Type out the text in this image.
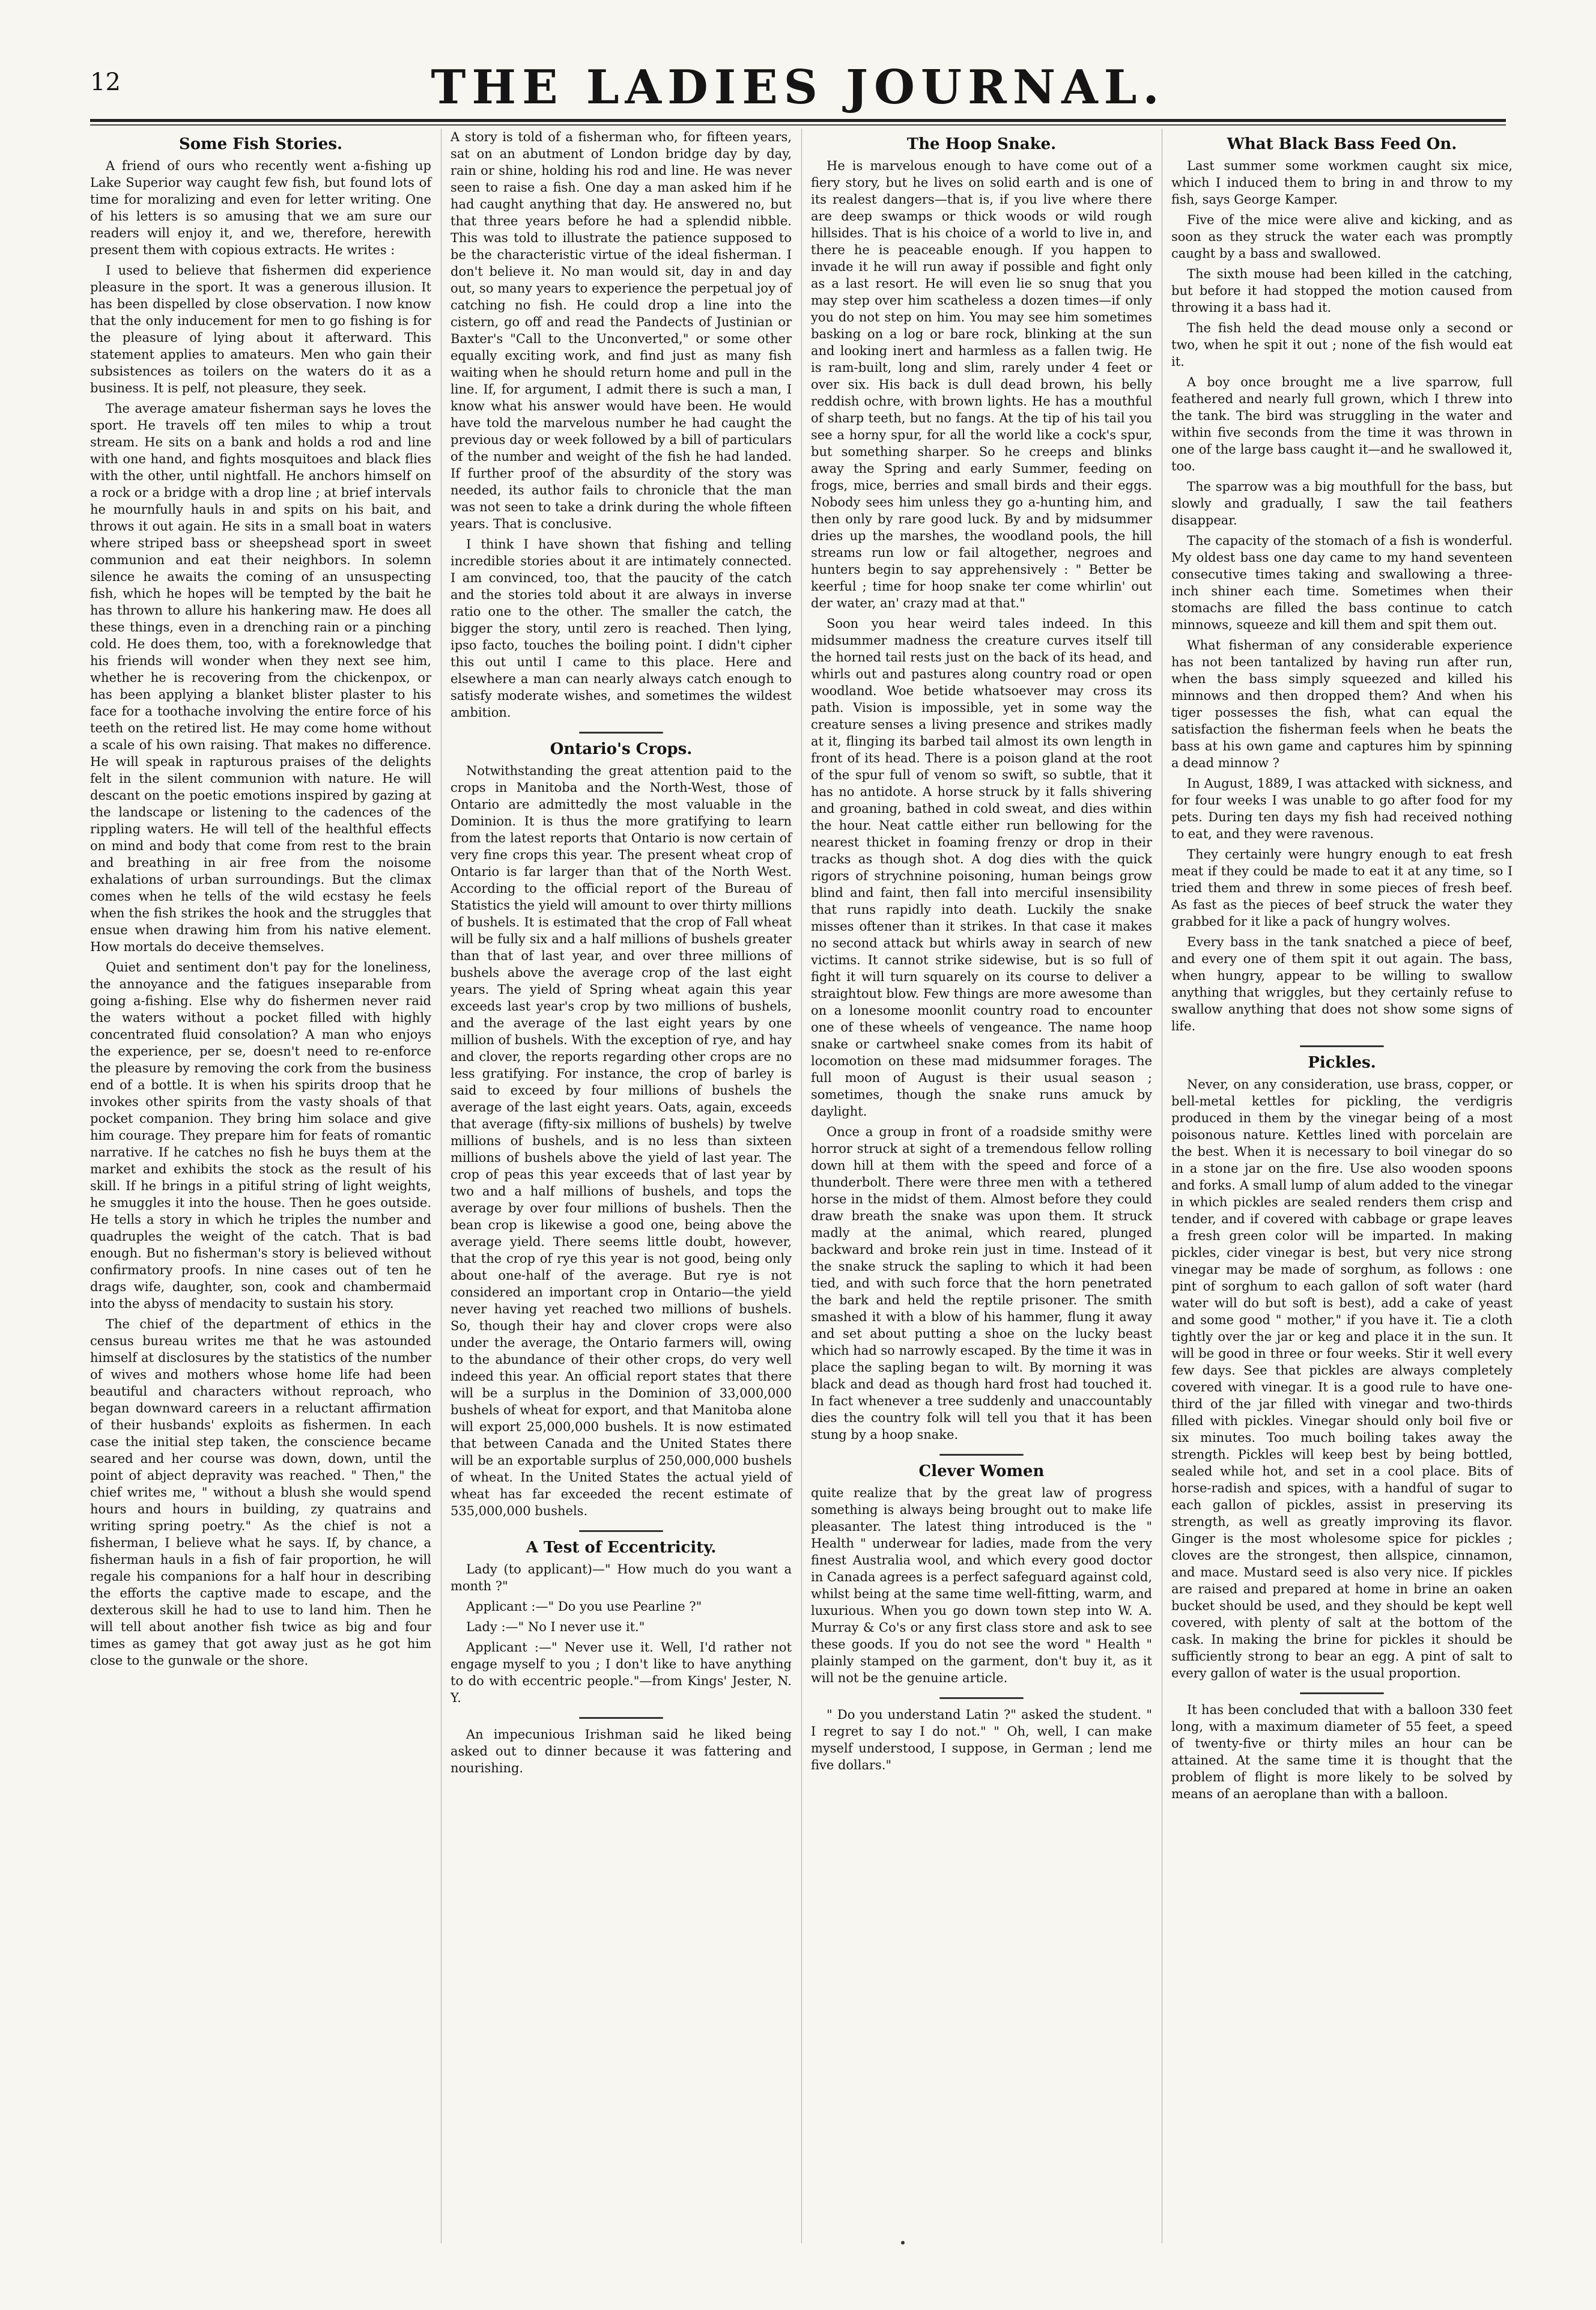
12	THE LADIES JOURNAL.
Some Fish Stories.

A friend of ours who recently went a-fishing up Lake Superior way caught few fish, but found lots of time for moralizing and even for letter writing. One of his letters is so amusing that we am sure our readers will enjoy it, and we, therefore, herewith present them with copious extracts. He writes :

I used to believe that fishermen did experience pleasure in the sport. It was a generous illusion. It has been dispelled by close observation. I now know that the only inducement for men to go fishing is for the pleasure of lying about it afterward. This statement applies to amateurs. Men who gain their subsistences as toilers on the waters do it as a business. It is pelf, not pleasure, they seek.

The average amateur fisherman says he loves the sport. He travels off ten miles to whip a trout stream. He sits on a bank and holds a rod and line with one hand, and fights mosquitoes and black flies with the other, until nightfall. He anchors himself on a rock or a bridge with a drop line ; at brief intervals he mournfully hauls in and spits on his bait, and throws it out again. He sits in a small boat in waters where striped bass or sheepshead sport in sweet communion and eat their neighbors. In solemn silence he awaits the coming of an unsuspecting fish, which he hopes will be tempted by the bait he has thrown to allure his hankering maw. He does all these things, even in a drenching rain or a pinching cold. He does them, too, with a foreknowledge that his friends will wonder when they next see him, whether he is recovering from the chickenpox, or has been applying a blanket blister plaster to his face for a toothache involving the entire force of his teeth on the retired list. He may come home without a scale of his own raising. That makes no difference. He will speak in rapturous praises of the delights felt in the silent communion with nature. He will descant on the poetic emotions inspired by gazing at the landscape or listening to the cadences of the rippling waters. He will tell of the healthful effects on mind and body that come from rest to the brain and breathing in air free from the noisome exhalations of urban surroundings. But the climax comes when he tells of the wild ecstasy he feels when the fish strikes the hook and the struggles that ensue when drawing him from his native element. How mortals do deceive themselves.

Quiet and sentiment don't pay for the loneliness, the annoyance and the fatigues inseparable from going a-fishing. Else why do fishermen never raid the waters without a pocket filled with highly concentrated fluid consolation? A man who enjoys the experience, per se, doesn't need to re-enforce the pleasure by removing the cork from the business end of a bottle. It is when his spirits droop that he invokes other spirits from the vasty shoals of that pocket companion. They bring him solace and give him courage. They prepare him for feats of romantic narrative. If he catches no fish he buys them at the market and exhibits the stock as the result of his skill. If he brings in a pitiful string of light weights, he smuggles it into the house. Then he goes outside. He tells a story in which he triples the number and quadruples the weight of the catch. That is bad enough. But no fisherman's story is believed without confirmatory proofs. In nine cases out of ten he drags wife, daughter, son, cook and chambermaid into the abyss of mendacity to sustain his story.

The chief of the department of ethics in the census bureau writes me that he was astounded himself at disclosures by the statistics of the number of wives and mothers whose home life had been beautiful and characters without reproach, who began downward careers in a reluctant affirmation of their husbands' exploits as fishermen. In each case the initial step taken, the conscience became seared and her course was down, down, until the point of abject depravity was reached. " Then," the chief writes me, " without a blush she would spend hours and hours in building, zy quatrains and writing spring poetry." As the chief is not a fisherman, I believe what he says. If, by chance, a fisherman hauls in a fish of fair proportion, he will regale his companions for a half hour in describing the efforts the captive made to escape, and the dexterous skill he had to use to land him. Then he will tell about another fish twice as big and four times as gamey that got away just as he got him close to the gunwale or the shore.

A story is told of a fisherman who, for fifteen years, sat on an abutment of London bridge day by day, rain or shine, holding his rod and line. He was never seen to raise a fish. One day a man asked him if he had caught anything that day. He answered no, but that three years before he had a splendid nibble. This was told to illustrate the patience supposed to be the characteristic virtue of the ideal fisherman. I don't believe it. No man would sit, day in and day out, so many years to experience the perpetual joy of catching no fish. He could drop a line into the cistern, go off and read the Pandects of Justinian or Baxter's "Call to the Unconverted," or some other equally exciting work, and find just as many fish waiting when he should return home and pull in the line. If, for argument, I admit there is such a man, I know what his answer would have been. He would have told the marvelous number he had caught the previous day or week followed by a bill of particulars of the number and weight of the fish he had landed. If further proof of the absurdity of the story was needed, its author fails to chronicle that the man was not seen to take a drink during the whole fifteen years. That is conclusive.

I think I have shown that fishing and telling incredible stories about it are intimately connected. I am convinced, too, that the paucity of the catch and the stories told about it are always in inverse ratio one to the other. The smaller the catch, the bigger the story, until zero is reached. Then lying, ipso facto, touches the boiling point. I didn't cipher this out until I came to this place. Here and elsewhere a man can nearly always catch enough to satisfy moderate wishes, and sometimes the wildest ambition.

Ontario's Crops.

Notwithstanding the great attention paid to the crops in Manitoba and the North-West, those of Ontario are admittedly the most valuable in the Dominion. It is thus the more gratifying to learn from the latest reports that Ontario is now certain of very fine crops this year. The present wheat crop of Ontario is far larger than that of the North West. According to the official report of the Bureau of Statistics the yield will amount to over thirty millions of bushels. It is estimated that the crop of Fall wheat will be fully six and a half millions of bushels greater than that of last year, and over three millions of bushels above the average crop of the last eight years. The yield of Spring wheat again this year exceeds last year's crop by two millions of bushels, and the average of the last eight years by one million of bushels. With the exception of rye, and hay and clover, the reports regarding other crops are no less gratifying. For instance, the crop of barley is said to exceed by four millions of bushels the average of the last eight years. Oats, again, exceeds that average (fifty-six millions of bushels) by twelve millions of bushels, and is no less than sixteen millions of bushels above the yield of last year. The crop of peas this year exceeds that of last year by two and a half millions of bushels, and tops the average by over four millions of bushels. Then the bean crop is likewise a good one, being above the average yield. There seems little doubt, however, that the crop of rye this year is not good, being only about one-half of the average. But rye is not considered an important crop in Ontario—the yield never having yet reached two millions of bushels. So, though their hay and clover crops were also under the average, the Ontario farmers will, owing to the abundance of their other crops, do very well indeed this year. An official report states that there will be a surplus in the Dominion of 33,000,000 bushels of wheat for export, and that Manitoba alone will export 25,000,000 bushels. It is now estimated that between Canada and the United States there will be an exportable surplus of 250,000,000 bushels of wheat. In the United States the actual yield of wheat has far exceeded the recent estimate of 535,000,000 bushels.

A Test of Eccentricity.

Lady (to applicant)—" How much do you want a month ?"

Applicant :—" Do you use Pearline ?"

Lady :—" No I never use it."

Applicant :—" Never use it. Well, I'd rather not engage myself to you ; I don't like to have anything to do with eccentric people."—from Kings' Jester, N. Y.

An impecunious Irishman said he liked being asked out to dinner because it was fattering and nourishing.

The Hoop Snake.

He is marvelous enough to have come out of a fiery story, but he lives on solid earth and is one of its realest dangers—that is, if you live where there are deep swamps or thick woods or wild rough hillsides. That is his choice of a world to live in, and there he is peaceable enough. If you happen to invade it he will run away if possible and fight only as a last resort. He will even lie so snug that you may step over him scatheless a dozen times—if only you do not step on him. You may see him sometimes basking on a log or bare rock, blinking at the sun and looking inert and harmless as a fallen twig. He is ram-built, long and slim, rarely under 4 feet or over six. His back is dull dead brown, his belly reddish ochre, with brown lights. He has a mouthful of sharp teeth, but no fangs. At the tip of his tail you see a horny spur, for all the world like a cock's spur, but something sharper. So he creeps and blinks away the Spring and early Summer, feeding on frogs, mice, berries and small birds and their eggs. Nobody sees him unless they go a-hunting him, and then only by rare good luck. By and by midsummer dries up the marshes, the woodland pools, the hill streams run low or fail altogether, negroes and hunters begin to say apprehensively : " Better be keerful ; time for hoop snake ter come whirlin' out der water, an' crazy mad at that."

Soon you hear weird tales indeed. In this midsummer madness the creature curves itself till the horned tail rests just on the back of its head, and whirls out and pastures along country road or open woodland. Woe betide whatsoever may cross its path. Vision is impossible, yet in some way the creature senses a living presence and strikes madly at it, flinging its barbed tail almost its own length in front of its head. There is a poison gland at the root of the spur full of venom so swift, so subtle, that it has no antidote. A horse struck by it falls shivering and groaning, bathed in cold sweat, and dies within the hour. Neat cattle either run bellowing for the nearest thicket in foaming frenzy or drop in their tracks as though shot. A dog dies with the quick rigors of strychnine poisoning, human beings grow blind and faint, then fall into merciful insensibility that runs rapidly into death. Luckily the snake misses oftener than it strikes. In that case it makes no second attack but whirls away in search of new victims. It cannot strike sidewise, but is so full of fight it will turn squarely on its course to deliver a straightout blow. Few things are more awesome than on a lonesome moonlit country road to encounter one of these wheels of vengeance. The name hoop snake or cartwheel snake comes from its habit of locomotion on these mad midsummer forages. The full moon of August is their usual season ; sometimes, though the snake runs amuck by daylight.

Once a group in front of a roadside smithy were horror struck at sight of a tremendous fellow rolling down hill at them with the speed and force of a thunderbolt. There were three men with a tethered horse in the midst of them. Almost before they could draw breath the snake was upon them. It struck madly at the animal, which reared, plunged backward and broke rein just in time. Instead of it the snake struck the sapling to which it had been tied, and with such force that the horn penetrated the bark and held the reptile prisoner. The smith smashed it with a blow of his hammer, flung it away and set about putting a shoe on the lucky beast which had so narrowly escaped. By the time it was in place the sapling began to wilt. By morning it was black and dead as though hard frost had touched it. In fact whenever a tree suddenly and unaccountably dies the country folk will tell you that it has been stung by a hoop snake.

Clever Women

quite realize that by the great law of progress something is always being brought out to make life pleasanter. The latest thing introduced is the " Health " underwear for ladies, made from the very finest Australia wool, and which every good doctor in Canada agrees is a perfect safeguard against cold, whilst being at the same time well-fitting, warm, and luxurious. When you go down town step into W. A. Murray & Co's or any first class store and ask to see these goods. If you do not see the word " Health " plainly stamped on the garment, don't buy it, as it will not be the genuine article.

" Do you understand Latin ?" asked the student. " I regret to say I do not." " Oh, well, I can make myself understood, I suppose, in German ; lend me five dollars."

What Black Bass Feed On.

Last summer some workmen caught six mice, which I induced them to bring in and throw to my fish, says George Kamper.

Five of the mice were alive and kicking, and as soon as they struck the water each was promptly caught by a bass and swallowed.

The sixth mouse had been killed in the catching, but before it had stopped the motion caused from throwing it a bass had it.

The fish held the dead mouse only a second or two, when he spit it out ; none of the fish would eat it.

A boy once brought me a live sparrow, full feathered and nearly full grown, which I threw into the tank. The bird was struggling in the water and within five seconds from the time it was thrown in one of the large bass caught it—and he swallowed it, too.

The sparrow was a big mouthfull for the bass, but slowly and gradually, I saw the tail feathers disappear.

The capacity of the stomach of a fish is wonderful. My oldest bass one day came to my hand seventeen consecutive times taking and swallowing a three-inch shiner each time. Sometimes when their stomachs are filled the bass continue to catch minnows, squeeze and kill them and spit them out.

What fisherman of any considerable experience has not been tantalized by having run after run, when the bass simply squeezed and killed his minnows and then dropped them? And when his tiger possesses the fish, what can equal the satisfaction the fisherman feels when he beats the bass at his own game and captures him by spinning a dead minnow ?

In August, 1889, I was attacked with sickness, and for four weeks I was unable to go after food for my pets. During ten days my fish had received nothing to eat, and they were ravenous.

They certainly were hungry enough to eat fresh meat if they could be made to eat it at any time, so I tried them and threw in some pieces of fresh beef. As fast as the pieces of beef struck the water they grabbed for it like a pack of hungry wolves.

Every bass in the tank snatched a piece of beef, and every one of them spit it out again. The bass, when hungry, appear to be willing to swallow anything that wriggles, but they certainly refuse to swallow anything that does not show some signs of life.

Pickles.

Never, on any consideration, use brass, copper, or bell-metal kettles for pickling, the verdigris produced in them by the vinegar being of a most poisonous nature. Kettles lined with porcelain are the best. When it is necessary to boil vinegar do so in a stone jar on the fire. Use also wooden spoons and forks. A small lump of alum added to the vinegar in which pickles are sealed renders them crisp and tender, and if covered with cabbage or grape leaves a fresh green color will be imparted. In making pickles, cider vinegar is best, but very nice strong vinegar may be made of sorghum, as follows : one pint of sorghum to each gallon of soft water (hard water will do but soft is best), add a cake of yeast and some good " mother," if you have it. Tie a cloth tightly over the jar or keg and place it in the sun. It will be good in three or four weeks. Stir it well every few days. See that pickles are always completely covered with vinegar. It is a good rule to have one-third of the jar filled with vinegar and two-thirds filled with pickles. Vinegar should only boil five or six minutes. Too much boiling takes away the strength. Pickles will keep best by being bottled, sealed while hot, and set in a cool place. Bits of horse-radish and spices, with a handful of sugar to each gallon of pickles, assist in preserving its strength, as well as greatly improving its flavor. Ginger is the most wholesome spice for pickles ; cloves are the strongest, then allspice, cinnamon, and mace. Mustard seed is also very nice. If pickles are raised and prepared at home in brine an oaken bucket should be used, and they should be kept well covered, with plenty of salt at the bottom of the cask. In making the brine for pickles it should be sufficiently strong to bear an egg. A pint of salt to every gallon of water is the usual proportion.

It has been concluded that with a balloon 330 feet long, with a maximum diameter of 55 feet, a speed of twenty-five or thirty miles an hour can be attained. At the same time it is thought that the problem of flight is more likely to be solved by means of an aeroplane than with a balloon.
